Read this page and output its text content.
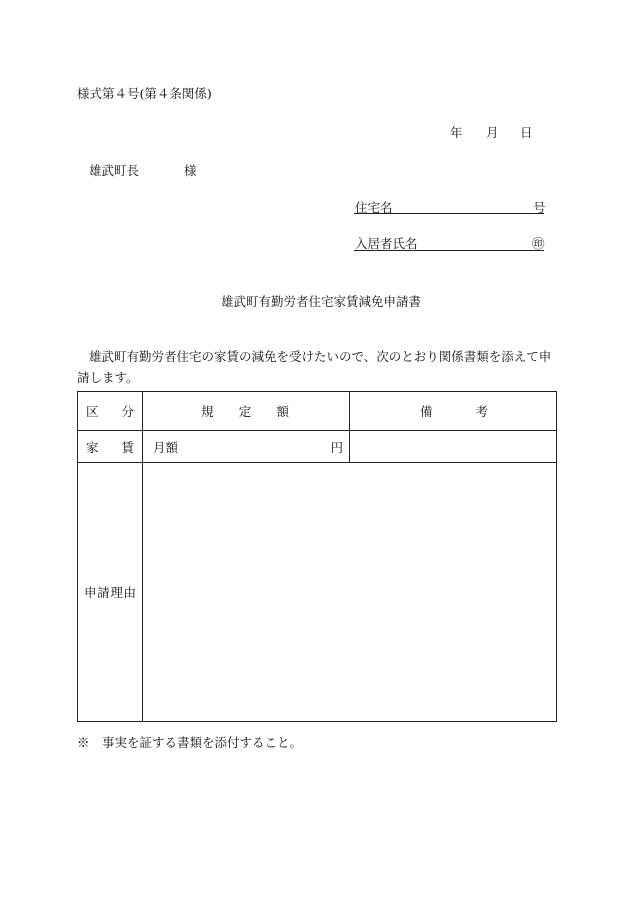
様式第４号(第４条関係)
年 月 日
雄武町長	様
住宅名	号
入居者氏名	㊞
雄武町有勤労者住宅家賃減免申請書
雄武町有勤労者住宅の家賃の減免を受けたいので、次のとおり関係書類を添えて申請します。
区 分	規 定 額	備 考

家 賃	月額 円	

申 請 理 由		

※　事実を証する書類を添付すること。
